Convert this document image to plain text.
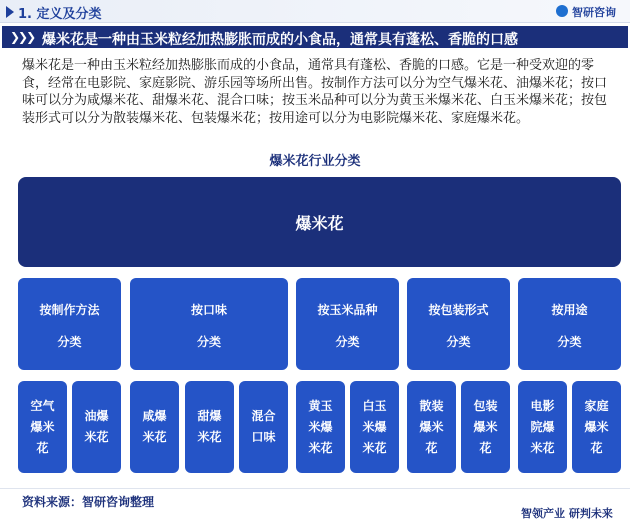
1. 定义及分类	智研咨询
❯❯❯ 爆米花是一种由玉米粒经加热膨胀而成的小食品，通常具有蓬松、香脆的口感
爆米花是一种由玉米粒经加热膨胀而成的小食品，通常具有蓬松、香脆的口感。它是一种受欢迎的零食，经常在电影院、家庭影院、游乐园等场所出售。按制作方法可以分为空气爆米花、油爆米花；按口味可以分为咸爆米花、甜爆米花、混合口味；按玉米品种可以分为黄玉米爆米花、白玉米爆米花；按包装形式可以分为散装爆米花、包装爆米花；按用途可以分为电影院爆米花、家庭爆米花。
爆米花行业分类
爆米花
按制作方法
分类
按口味
分类
按玉米品种
分类
按包装形式
分类
按用途
分类
空气爆米花
油爆米花
咸爆米花
甜爆米花
混合口味
黄玉米爆米花
白玉米爆米花
散装爆米花
包装爆米花
电影院爆米花
家庭爆米花
资料来源：智研咨询整理
智领产业 研判未来
